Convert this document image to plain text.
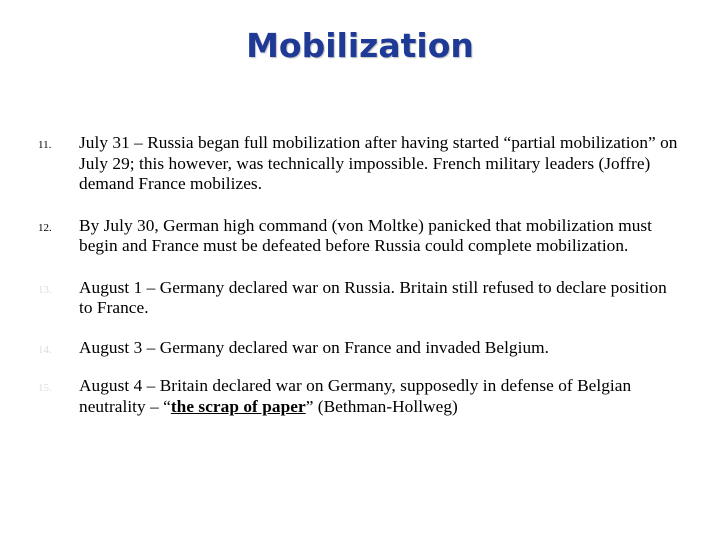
Mobilization
11. July 31 – Russia began full mobilization after having started “partial mobilization” on July 29; this however, was technically impossible. French military leaders (Joffre) demand France mobilizes.
12. By July 30, German high command (von Moltke) panicked that mobilization must begin and France must be defeated before Russia could complete mobilization.
13. August 1 – Germany declared war on Russia. Britain still refused to declare position to France.
14. August 3 – Germany declared war on France and invaded Belgium.
15. August 4 – Britain declared war on Germany, supposedly in defense of Belgian neutrality – “the scrap of paper” (Bethman-Hollweg)
